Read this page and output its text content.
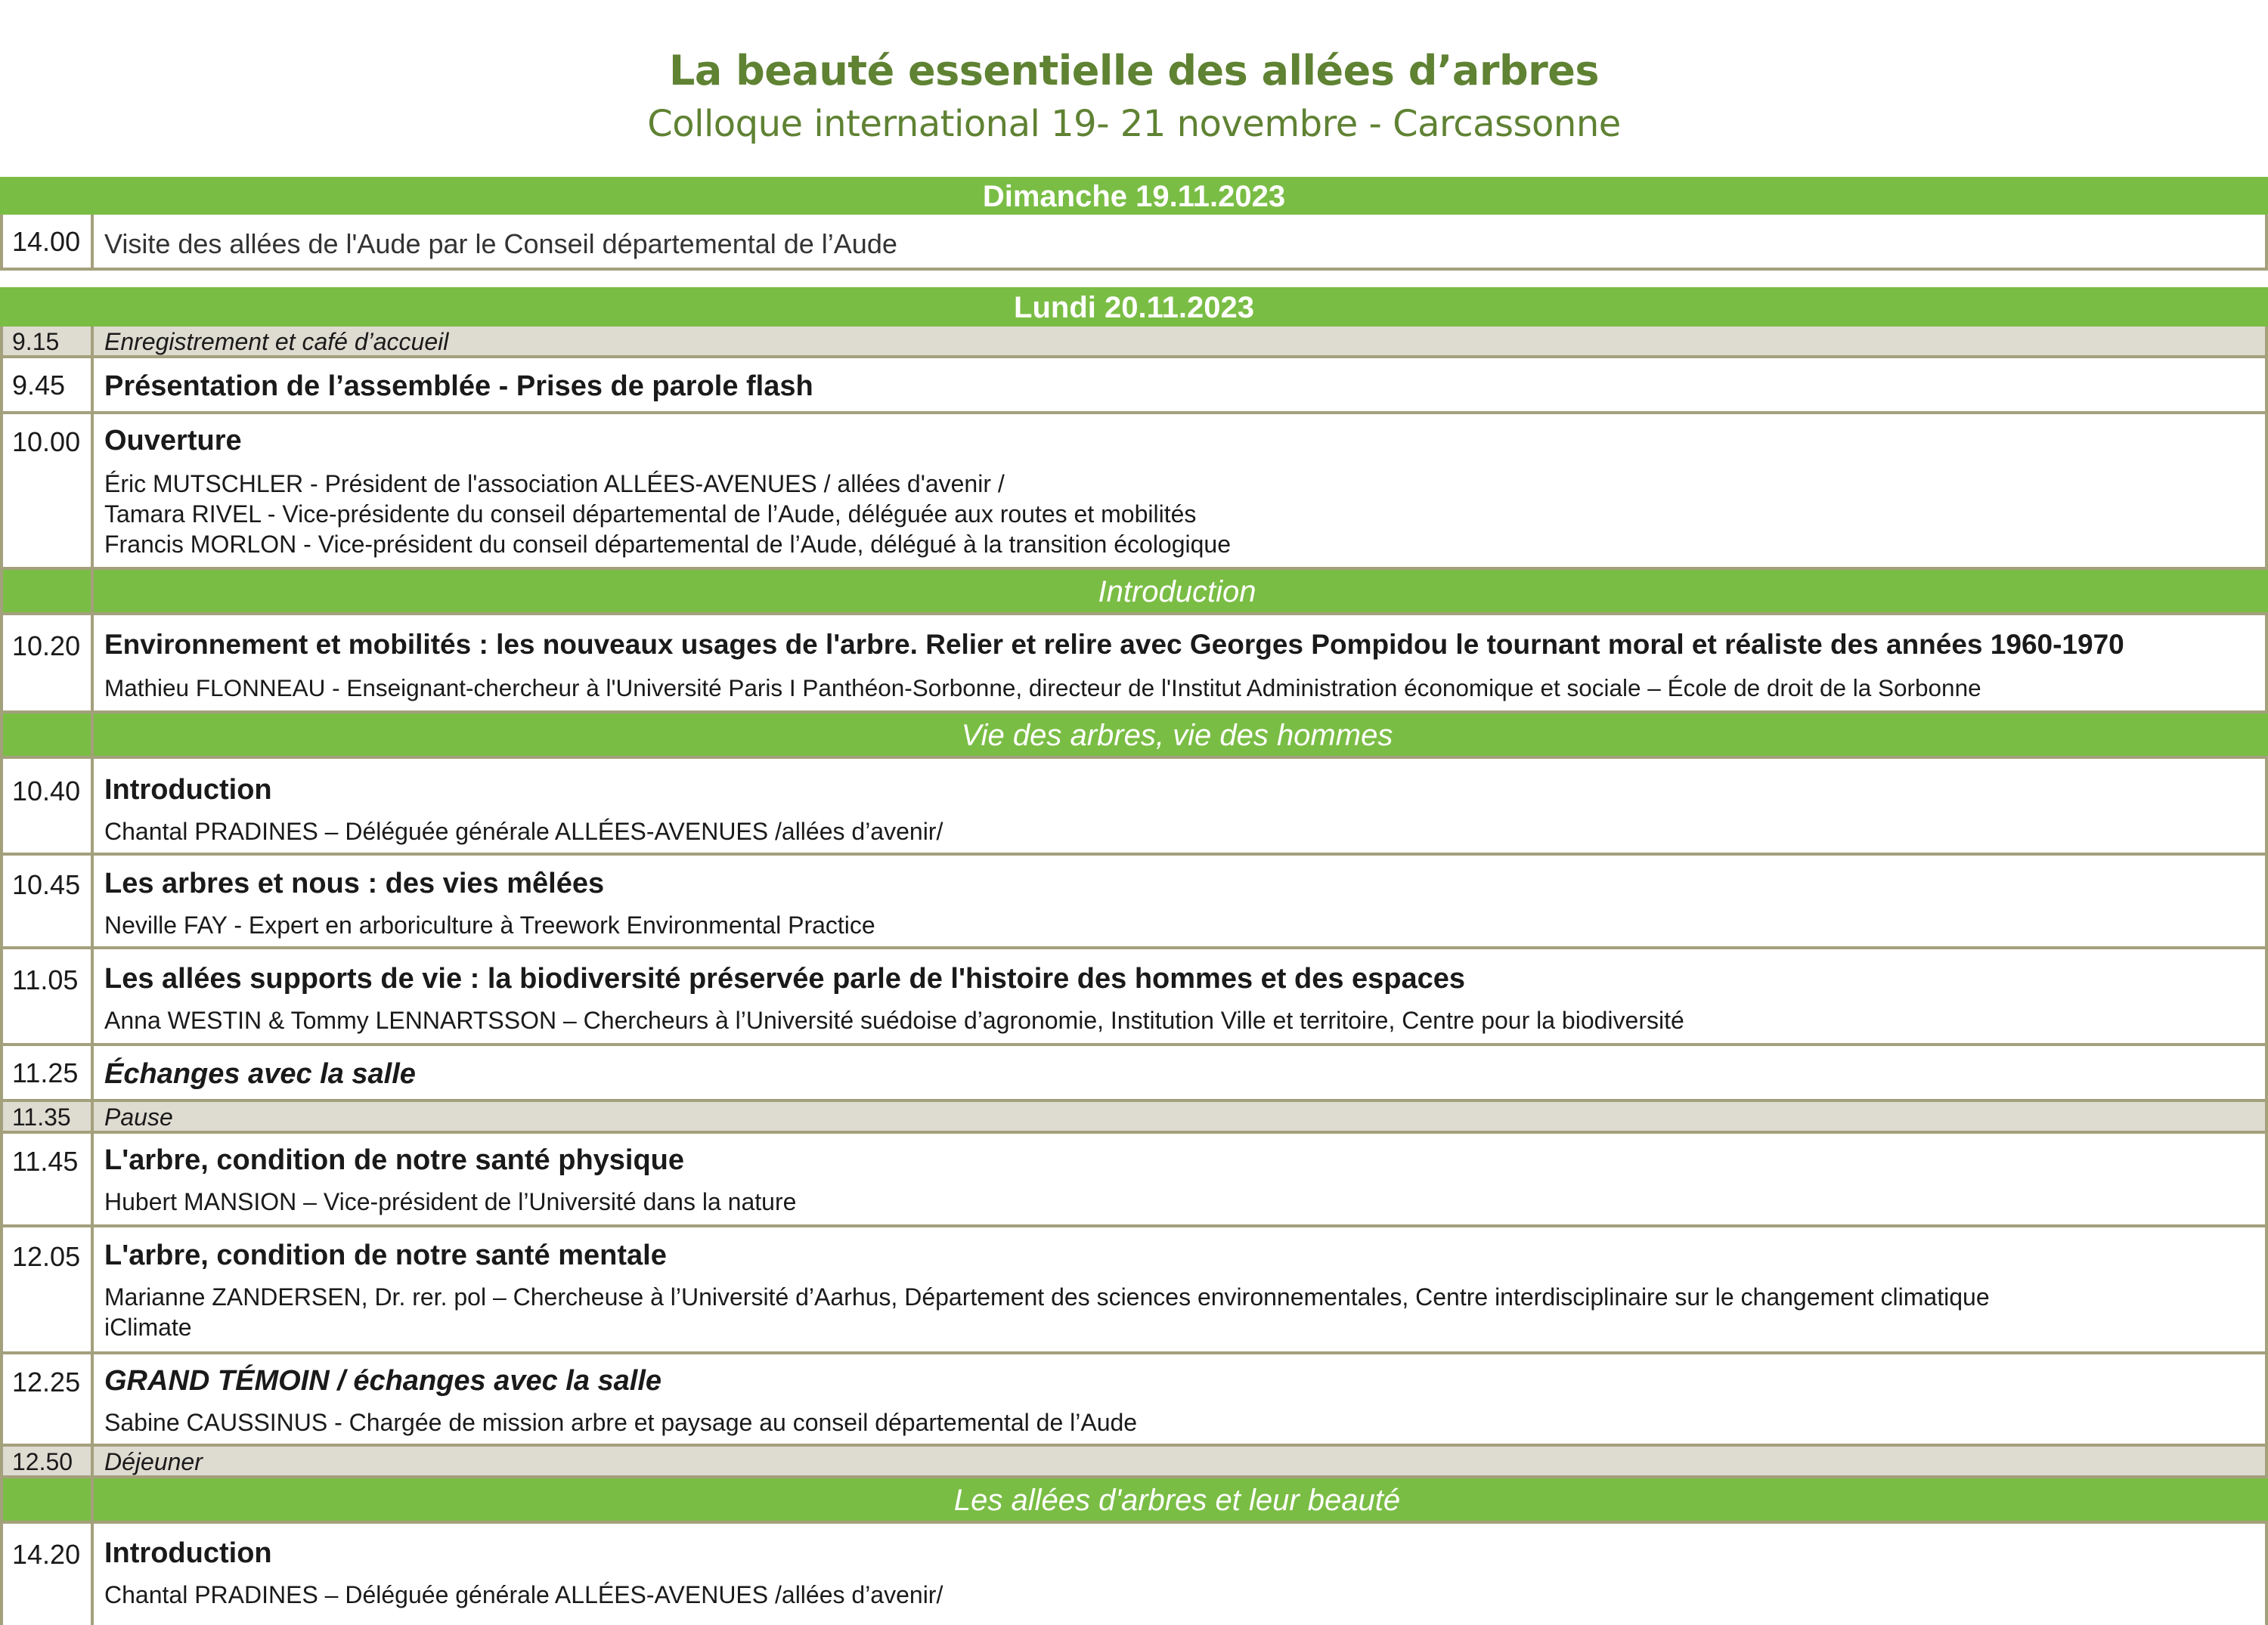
La beauté essentielle des allées d’arbres
Colloque international 19- 21 novembre - Carcassonne
Dimanche 19.11.2023
14.00 Visite des allées de l'Aude par le Conseil départemental de l’Aude
Lundi 20.11.2023
9.15	Enregistrement et café d’accueil
9.45	Présentation de l’assemblée - Prises de parole flash
10.00 Ouverture
Éric MUTSCHLER - Président de l'association ALLÉES-AVENUES / allées d'avenir /
Tamara RIVEL - Vice-présidente du conseil départemental de l’Aude, déléguée aux routes et mobilités
Francis MORLON - Vice-président du conseil départemental de l’Aude, délégué à la transition écologique
Introduction
10.20 Environnement et mobilités : les nouveaux usages de l'arbre. Relier et relire avec Georges Pompidou le tournant moral et réaliste des années 1960-1970
Mathieu FLONNEAU - Enseignant-chercheur à l'Université Paris I Panthéon-Sorbonne, directeur de l'Institut Administration économique et sociale – École de droit de la Sorbonne
Vie des arbres, vie des hommes
10.40 Introduction
Chantal PRADINES – Déléguée générale ALLÉES-AVENUES /allées d’avenir/
10.45 Les arbres et nous : des vies mêlées
Neville FAY - Expert en arboriculture à Treework Environmental Practice
11.05 Les allées supports de vie : la biodiversité préservée parle de l'histoire des hommes et des espaces
Anna WESTIN & Tommy LENNARTSSON – Chercheurs à l’Université suédoise d’agronomie, Institution Ville et territoire, Centre pour la biodiversité
11.25 Échanges avec la salle
11.35	Pause
11.45 L'arbre, condition de notre santé physique
Hubert MANSION – Vice-président de l’Université dans la nature
12.05 L'arbre, condition de notre santé mentale
Marianne ZANDERSEN, Dr. rer. pol – Chercheuse à l’Université d’Aarhus, Département des sciences environnementales, Centre interdisciplinaire sur le changement climatique
iClimate
12.25 GRAND TÉMOIN / échanges avec la salle
Sabine CAUSSINUS - Chargée de mission arbre et paysage au conseil départemental de l’Aude
12.50	Déjeuner
Les allées d'arbres et leur beauté
14.20 Introduction
Chantal PRADINES – Déléguée générale ALLÉES-AVENUES /allées d’avenir/
